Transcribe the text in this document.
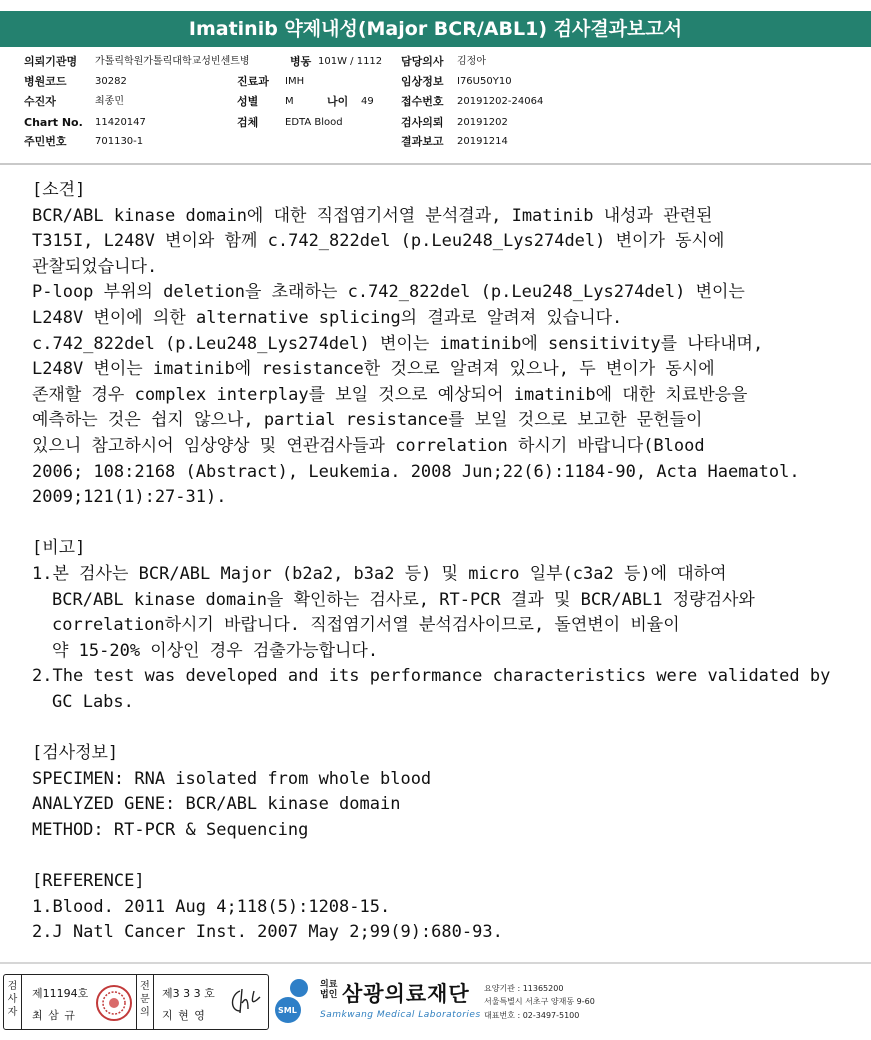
Imatinib 약제내성(Major BCR/ABL1) 검사결과보고서
의뢰기관명 가톨릭학원가톨릭대학교성빈센트병	병동 101W / 1112 담당의사 김정아
병원코드	30282	진료과 IMH	임상정보 I76U50Y10
수진자	최종민	성별	M	나이 49 접수번호 20191202-24064
Chart No. 11420147	검체	EDTA Blood	검사의뢰 20191202
주민번호	701130-1	결과보고 20191214
[소견]
BCR/ABL kinase domain에 대한 직접염기서열 분석결과, Imatinib 내성과 관련된
T315I, L248V 변이와 함께 c.742_822del (p.Leu248_Lys274del) 변이가 동시에
관찰되었습니다.
P-loop 부위의 deletion을 초래하는 c.742_822del (p.Leu248_Lys274del) 변이는
L248V 변이에 의한 alternative splicing의 결과로 알려져 있습니다.
c.742_822del (p.Leu248_Lys274del) 변이는 imatinib에 sensitivity를 나타내며,
L248V 변이는 imatinib에 resistance한 것으로 알려져 있으나, 두 변이가 동시에
존재할 경우 complex interplay를 보일 것으로 예상되어 imatinib에 대한 치료반응을
예측하는 것은 쉽지 않으나, partial resistance를 보일 것으로 보고한 문헌들이
있으니 참고하시어 임상양상 및 연관검사들과 correlation 하시기 바랍니다(Blood
2006; 108:2168 (Abstract), Leukemia. 2008 Jun;22(6):1184-90, Acta Haematol.
2009;121(1):27-31).
[비고]
1.본 검사는 BCR/ABL Major (b2a2, b3a2 등) 및 micro 일부(c3a2 등)에 대하여
BCR/ABL kinase domain을 확인하는 검사로, RT-PCR 결과 및 BCR/ABL1 정량검사와
correlation하시기 바랍니다. 직접염기서열 분석검사이므로, 돌연변이 비율이
약 15-20% 이상인 경우 검출가능합니다.
2.The test was developed and its performance characteristics were validated by
GC Labs.
[검사정보]
SPECIMEN: RNA isolated from whole blood
ANALYZED GENE: BCR/ABL kinase domain
METHOD: RT-PCR & Sequencing
[REFERENCE]
1.Blood. 2011 Aug 4;118(5):1208-15.
2.J Natl Cancer Inst. 2007 May 2;99(9):680-93.
검사자
제11194호
최 삼 규
전문의
제3 3 3 호
지 현 영	SML
의료법인 삼광의료재단
Samkwang Medical Laboratories
요양기관 : 11365200
서울특별시 서초구 양재동 9-60
대표번호 : 02-3497-5100
